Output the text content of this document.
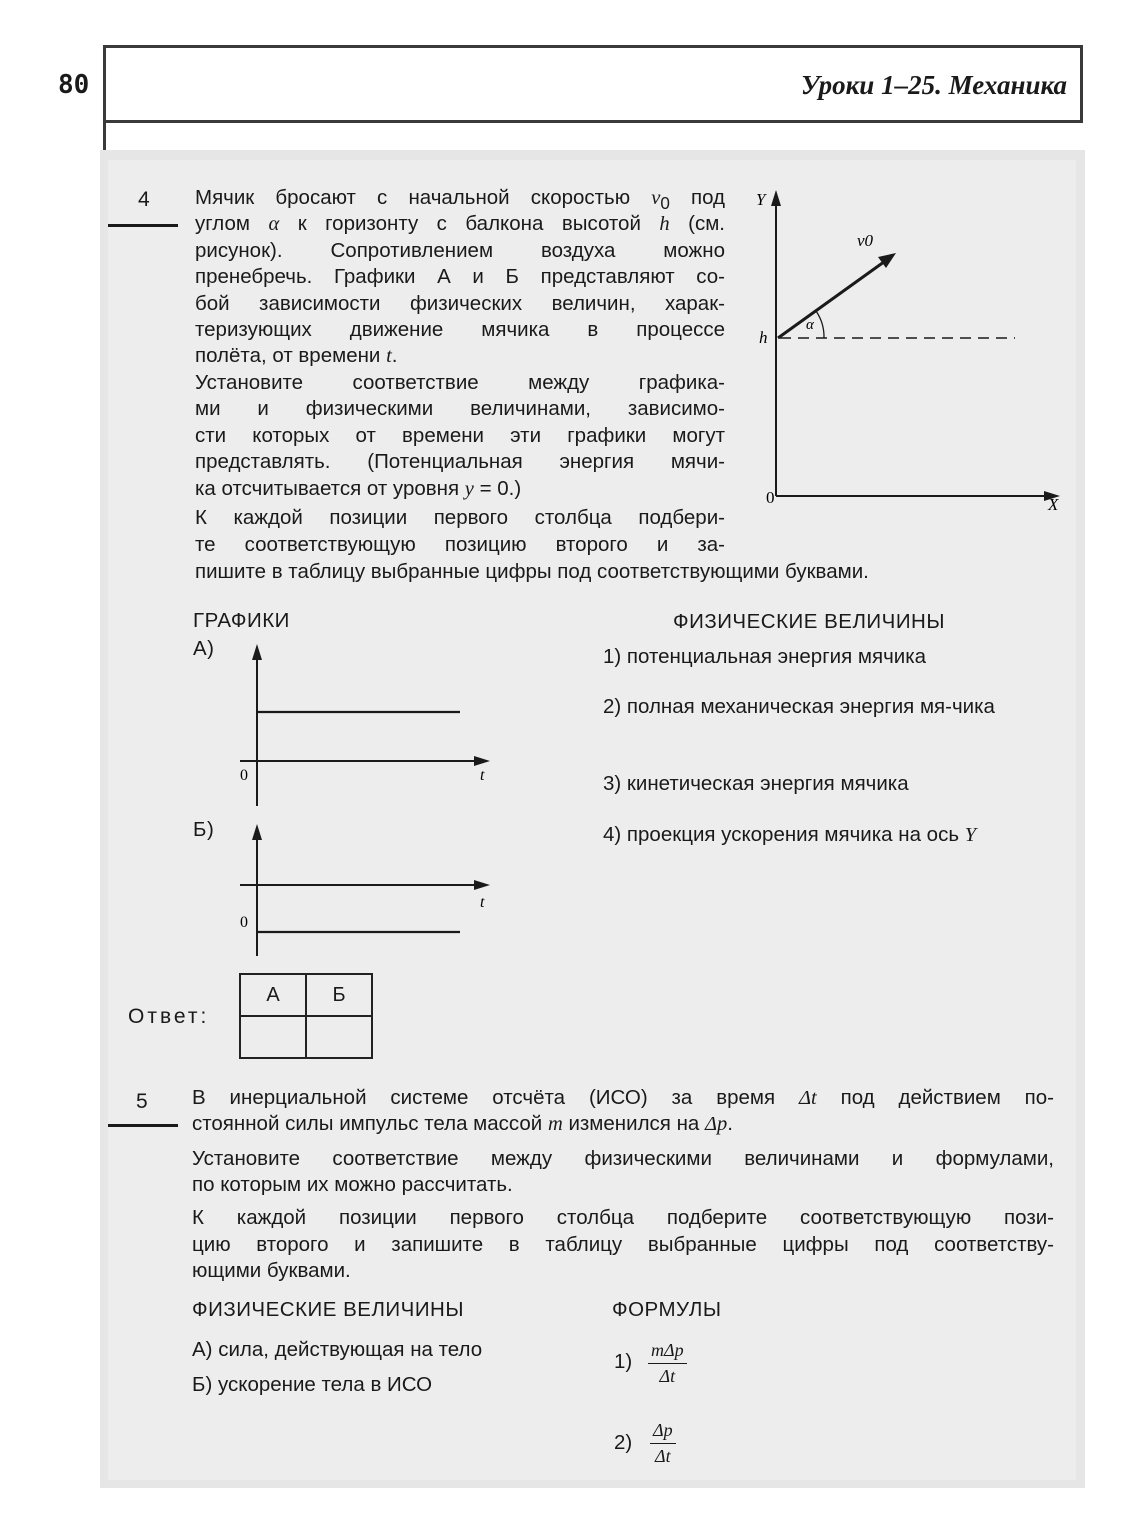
80	Уроки 1–25. Механика
4 Мячик бросают с начальной скоростью $v_0$ под

углом α к горизонту с балкона высотой h (см.

рисунок). Сопротивлением воздуха можно

пренебречь. Графики А и Б представляют со-

бой зависимости физических величин, харак-

теризующих движение мячика в процессе

полёта, от времени t.

Установите соответствие между графика-

ми и физическими величинами, зависимо-

сти которых от времени эти графики могут

представлять. (Потенциальная энергия мячи-

ка отсчитывается от уровня y = 0.)

К каждой позиции первого столбца подбери-

те соответствующую позицию второго и за-

пишите в таблицу выбранные цифры под соответствующими буквами.

Y
X
0
h
v0
α
ГРАФИКИ
А)
0	t
Б)
0
t
ФИЗИЧЕСКИЕ ВЕЛИЧИНЫ

1) потенциальная энергия мячика

2) полная механическая энергия мя-чика

3) кинетическая энергия мячика

4) проекция ускорения мячика на ось Y

Ответ:
А	Б

5 В инерциальной системе отсчёта (ИСО) за время Δt под действием по-

стоянной силы импульс тела массой m изменился на Δp.

Установите соответствие между физическими величинами и формулами,

по которым их можно рассчитать.

К каждой позиции первого столбца подберите соответствующую пози-

цию второго и запишите в таблицу выбранные цифры под соответству-

ющими буквами.

ФИЗИЧЕСКИЕ ВЕЛИЧИНЫ	ФОРМУЛЫ

А) сила, действующая на тело

Б) ускорение тела в ИСО

1) mΔp
Δt
$2) \frac{\Delta p}{\Delta t}$
